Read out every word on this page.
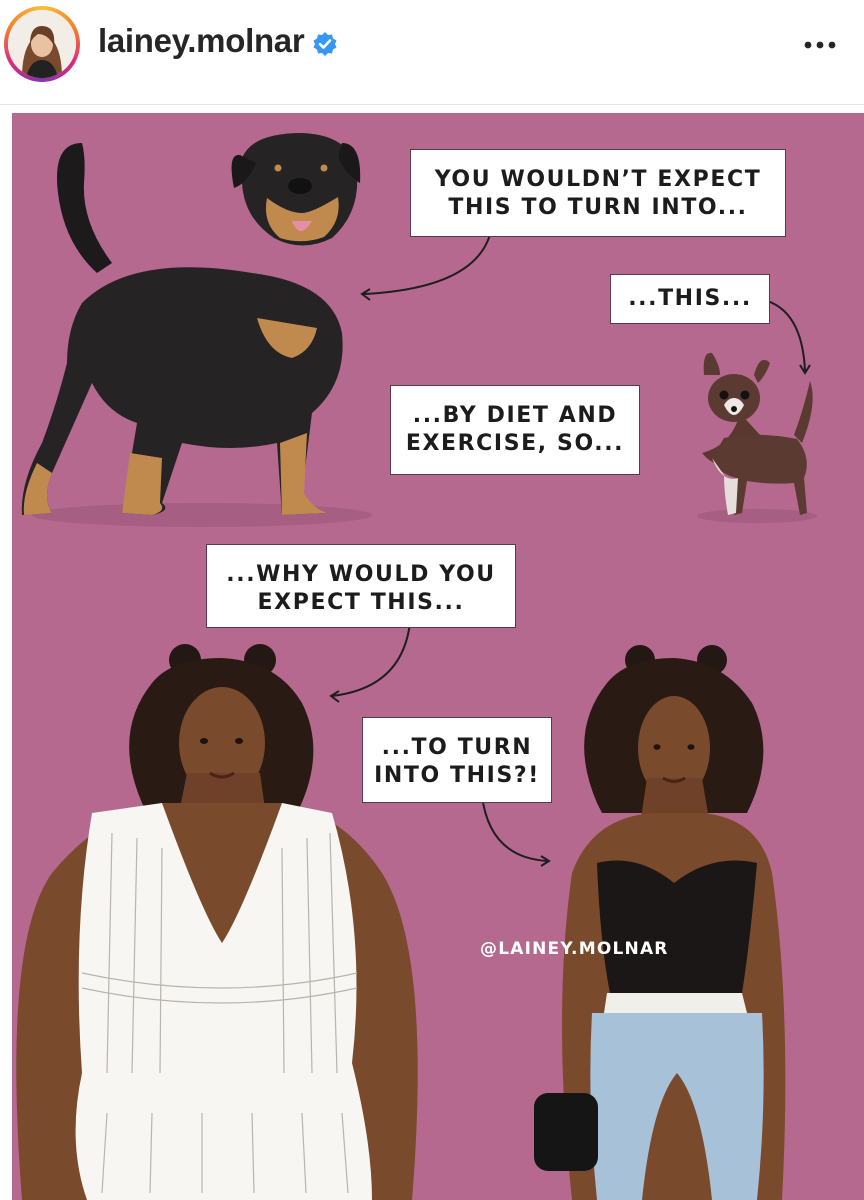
lainey.molnar
YOU WOULDN’T EXPECT
THIS TO TURN INTO...
...THIS...
...BY DIET AND
EXERCISE, SO...
...WHY WOULD YOU
EXPECT THIS...
...TO TURN
INTO THIS?!
@LAINEY.MOLNAR
